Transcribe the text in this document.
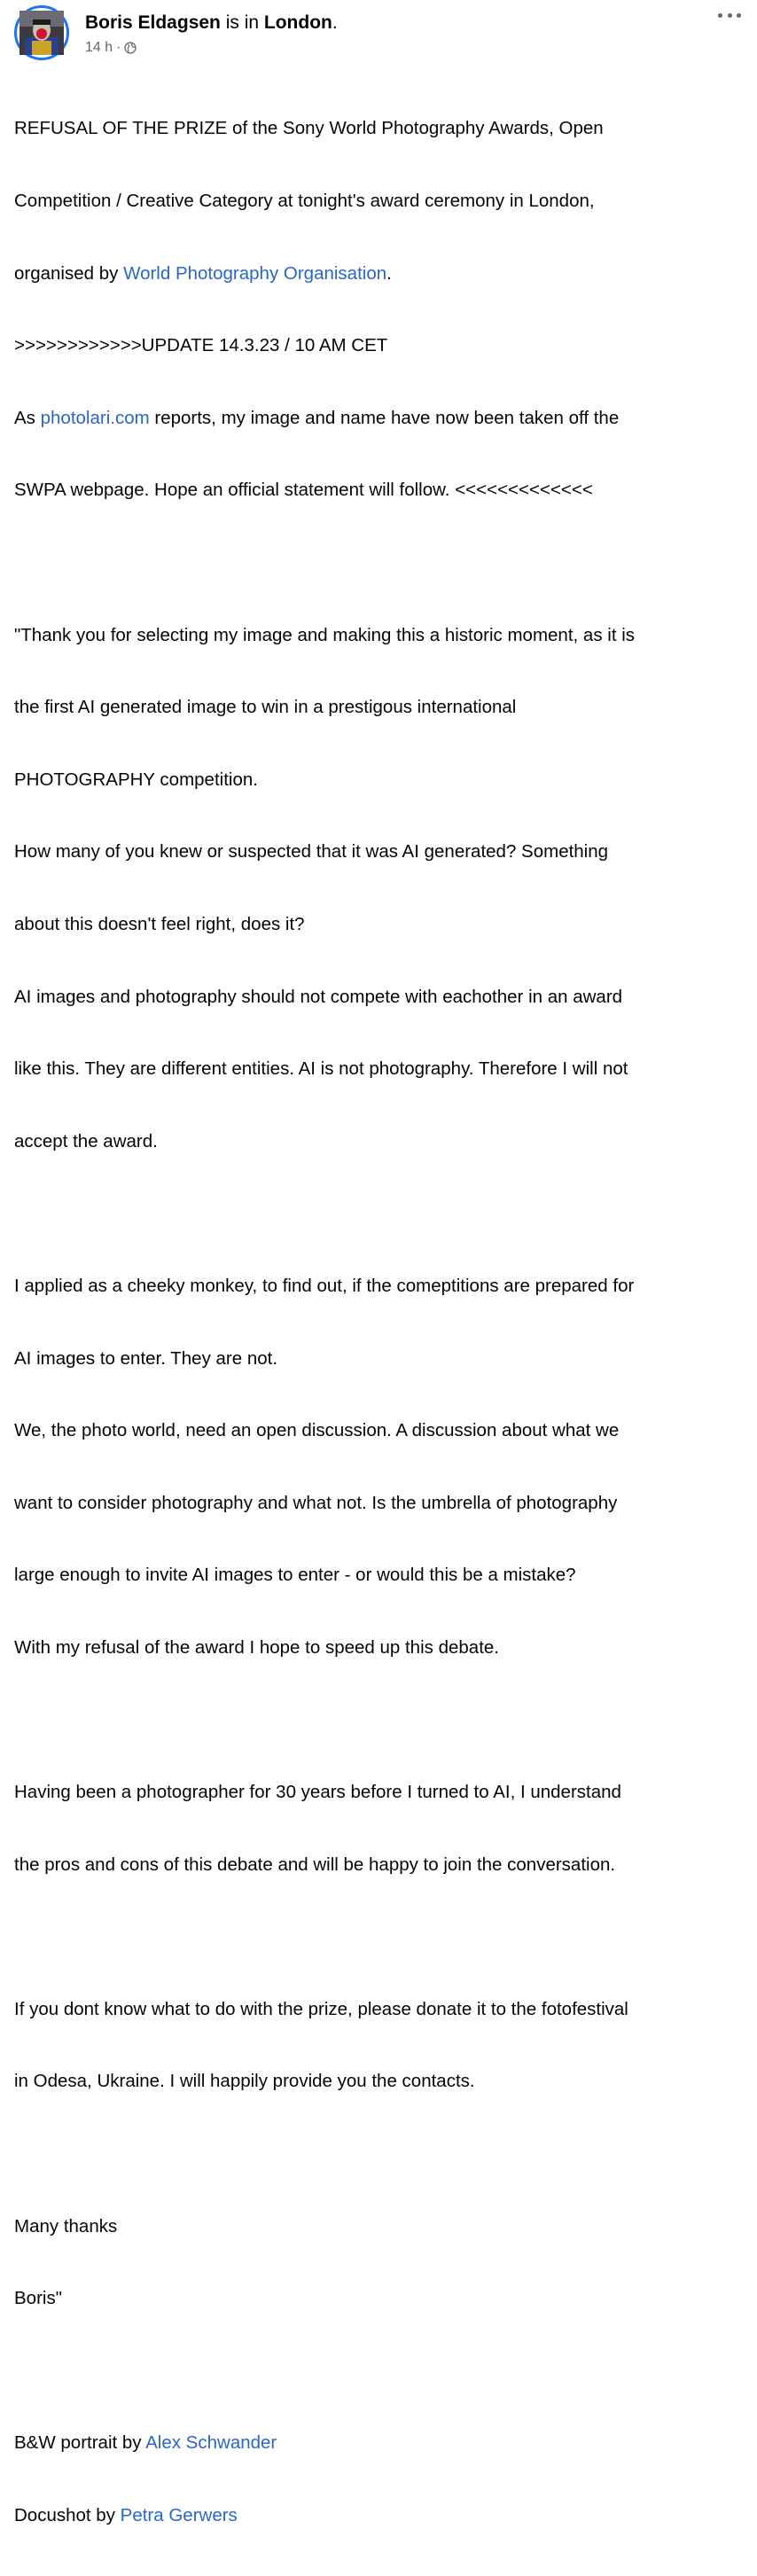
Boris Eldagsen is in London.
14 h ·

REFUSAL OF THE PRIZE of the Sony World Photography Awards, Open

Competition / Creative Category at tonight's award ceremony in London,

organised by World Photography Organisation.

>>>>>>>>>>>>UPDATE 14.3.23 / 10 AM CET

As photolari.com reports, my image and name have now been taken off the

SWPA webpage. Hope an official statement will follow. <<<<<<<<<<<<<

"Thank you for selecting my image and making this a historic moment, as it is

the first AI generated image to win in a prestigous international

PHOTOGRAPHY competition.

How many of you knew or suspected that it was AI generated? Something

about this doesn't feel right, does it?

AI images and photography should not compete with eachother in an award

like this. They are different entities. AI is not photography. Therefore I will not

accept the award.

I applied as a cheeky monkey, to find out, if the comeptitions are prepared for

AI images to enter. They are not.

We, the photo world, need an open discussion. A discussion about what we

want to consider photography and what not. Is the umbrella of photography

large enough to invite AI images to enter - or would this be a mistake?

With my refusal of the award I hope to speed up this debate.

Having been a photographer for 30 years before I turned to AI, I understand

the pros and cons of this debate and will be happy to join the conversation.

If you dont know what to do with the prize, please donate it to the fotofestival

in Odesa, Ukraine. I will happily provide you the contacts.

Many thanks

Boris"

B&W portrait by Alex Schwander

Docushot by Petra Gerwers
